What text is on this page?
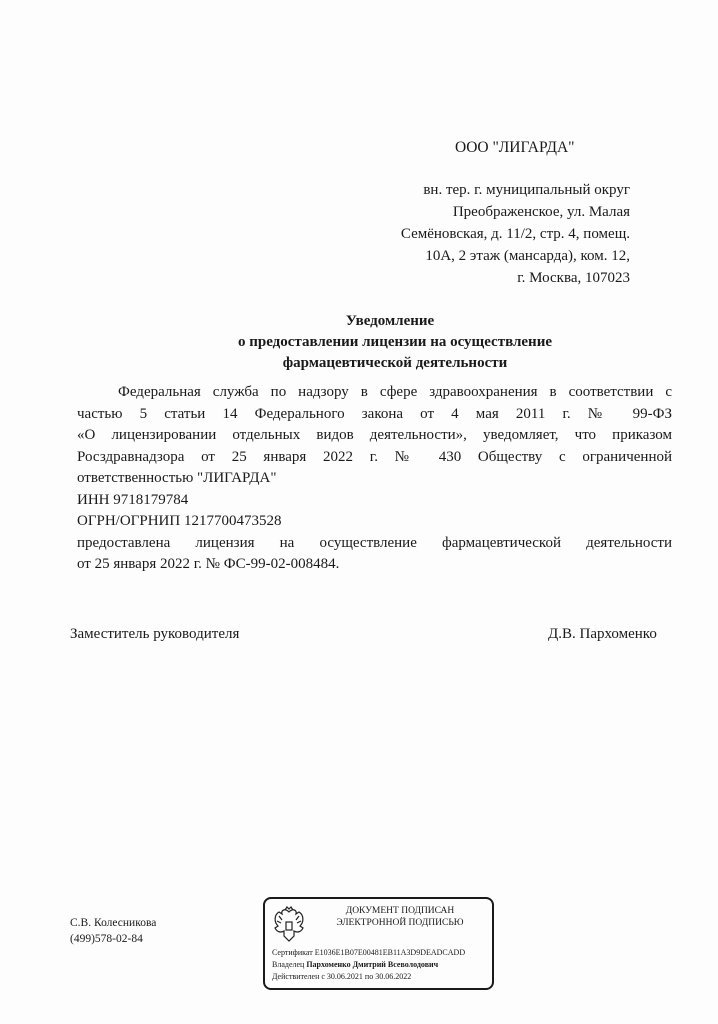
ООО "ЛИГАРДА"
вн. тер. г. муниципальный округ
Преображенское, ул. Малая
Семёновская, д. 11/2, стр. 4, помещ.
10А, 2 этаж (мансарда), ком. 12,
г. Москва, 107023
Уведомление
о предоставлении лицензии на осуществление
фармацевтической деятельности
Федеральная служба по надзору в сфере здравоохранения в соответствии с
частью 5 статьи 14 Федерального закона от 4 мая 2011 г. № 99-ФЗ
«О лицензировании отдельных видов деятельности», уведомляет, что приказом
Росздравнадзора от 25 января 2022 г. № 430 Обществу с ограниченной
ответственностью "ЛИГАРДА"
ИНН 9718179784
ОГРН/ОГРНИП 1217700473528
предоставлена лицензия на осуществление фармацевтической деятельности
от 25 января 2022 г. № ФС-99-02-008484.
Заместитель руководителя	Д.В. Пархоменко
С.В. Колесникова
(499)578-02-84
ДОКУМЕНТ ПОДПИСАН
ЭЛЕКТРОННОЙ ПОДПИСЬЮ
Сертификат E1036E1B07E00481EB11A3D9DEADCADD
Владелец Пархоменко Дмитрий Всеволодович
Действителен с 30.06.2021 по 30.06.2022
